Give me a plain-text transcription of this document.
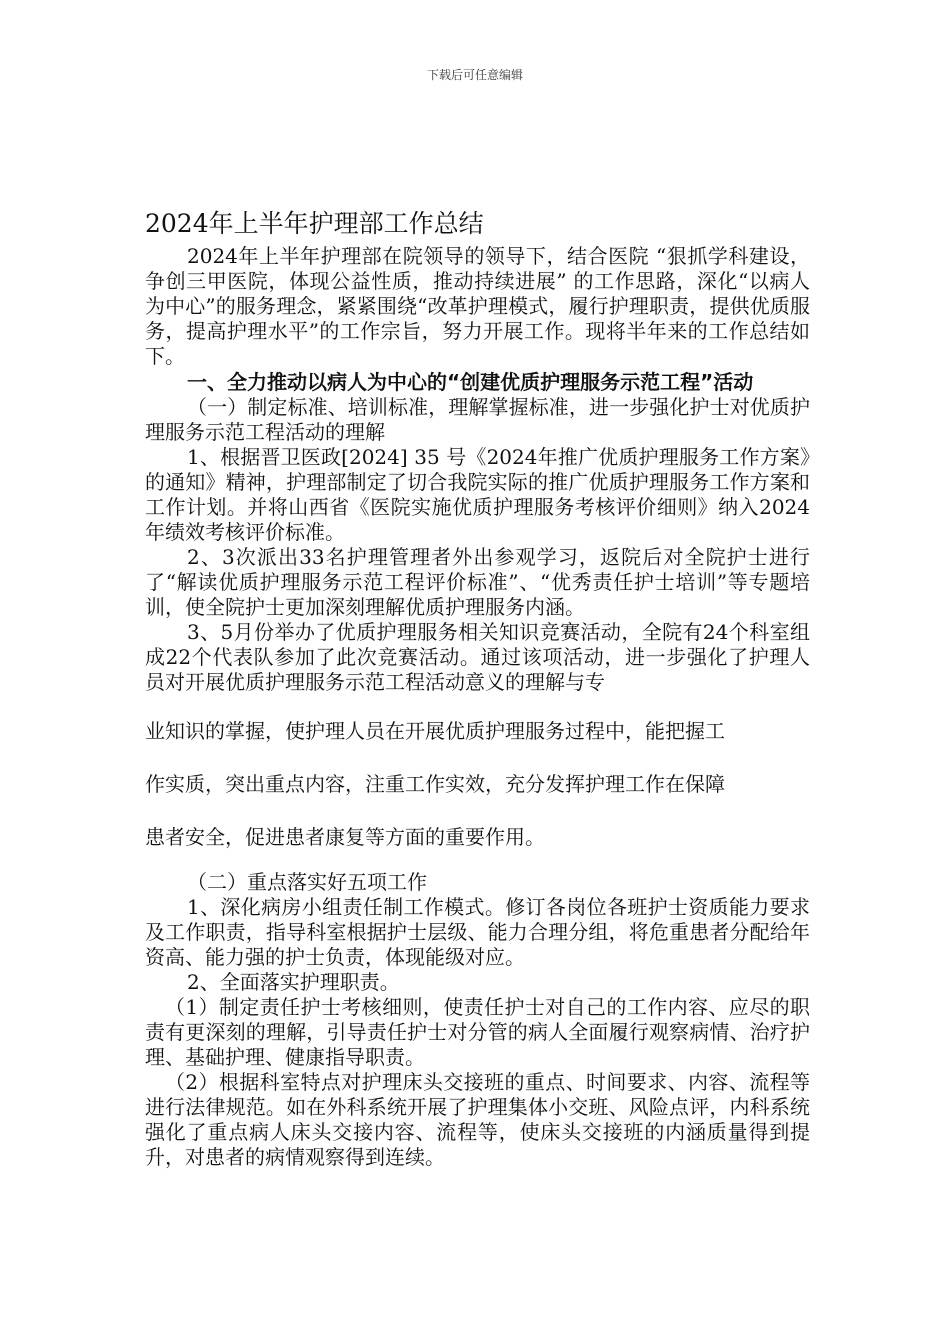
下载后可任意编辑
2024年上半年护理部工作总结

2024年上半年护理部在院领导的领导下，结合医院 “狠抓学科建设，争创三甲医院，体现公益性质，推动持续进展” 的工作思路，深化“以病人为中心”的服务理念，紧紧围绕“改革护理模式，履行护理职责，提供优质服务，提高护理水平”的工作宗旨，努力开展工作。现将半年来的工作总结如下。

一、全力推动以病人为中心的“创建优质护理服务示范工程”活动

（一）制定标准、培训标准，理解掌握标准，进一步强化护士对优质护理服务示范工程活动的理解

1、根据晋卫医政[2024] 35 号《2024年推广优质护理服务工作方案》的通知》精神，护理部制定了切合我院实际的推广优质护理服务工作方案和工作计划。并将山西省《医院实施优质护理服务考核评价细则》纳入2024年绩效考核评价标准。

2、3次派出33名护理管理者外出参观学习，返院后对全院护士进行了“解读优质护理服务示范工程评价标准”、“优秀责任护士培训”等专题培训，使全院护士更加深刻理解优质护理服务内涵。

3、5月份举办了优质护理服务相关知识竞赛活动，全院有24个科室组成22个代表队参加了此次竞赛活动。通过该项活动，进一步强化了护理人员对开展优质护理服务示范工程活动意义的理解与专

业知识的掌握，使护理人员在开展优质护理服务过程中，能把握工

作实质，突出重点内容，注重工作实效，充分发挥护理工作在保障

患者安全，促进患者康复等方面的重要作用。

（二）重点落实好五项工作

1、深化病房小组责任制工作模式。修订各岗位各班护士资质能力要求及工作职责，指导科室根据护士层级、能力合理分组，将危重患者分配给年资高、能力强的护士负责，体现能级对应。

2、全面落实护理职责。

（1）制定责任护士考核细则，使责任护士对自己的工作内容、应尽的职责有更深刻的理解，引导责任护士对分管的病人全面履行观察病情、治疗护理、基础护理、健康指导职责。

（2）根据科室特点对护理床头交接班的重点、时间要求、内容、流程等进行法律规范。如在外科系统开展了护理集体小交班、风险点评，内科系统强化了重点病人床头交接内容、流程等，使床头交接班的内涵质量得到提升，对患者的病情观察得到连续。
